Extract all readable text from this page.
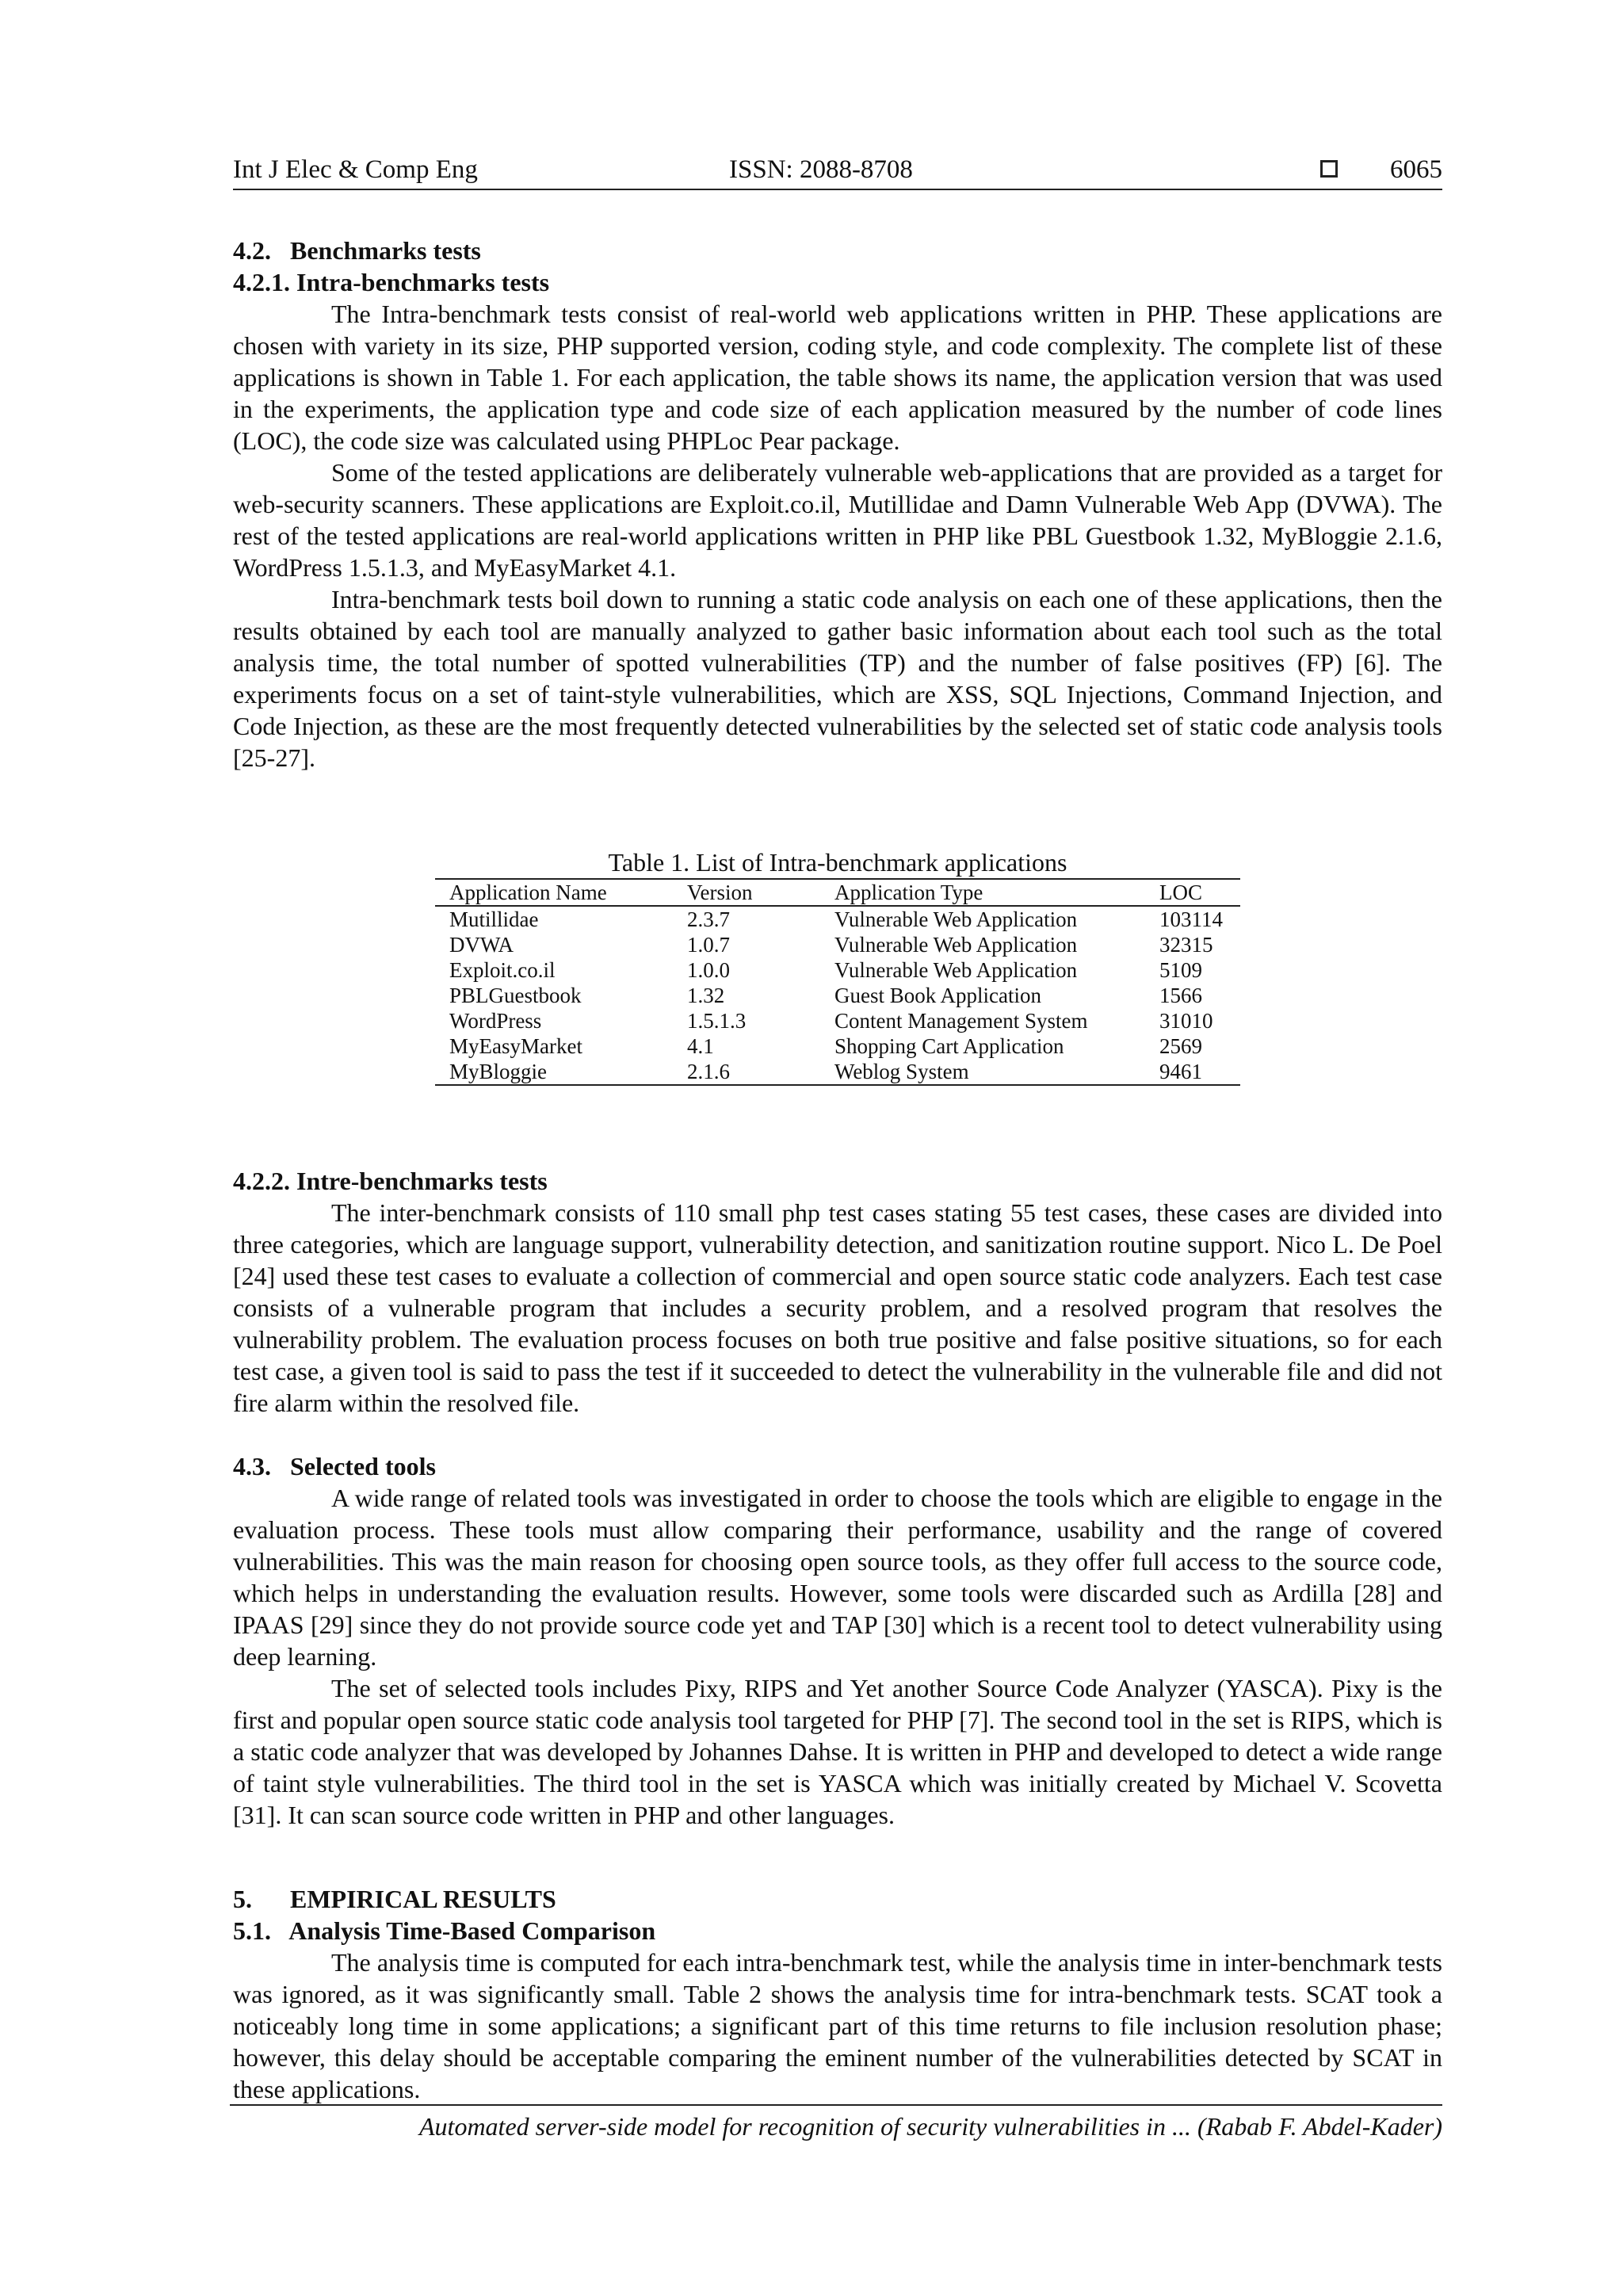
Int J Elec & Comp Eng	ISSN: 2088-8708	6065
4.2.   Benchmarks tests
4.2.1. Intra-benchmarks tests

The Intra-benchmark tests consist of real-world web applications written in PHP. These applications are chosen with variety in its size, PHP supported version, coding style, and code complexity. The complete list of these applications is shown in Table 1. For each application, the table shows its name, the application version that was used in the experiments, the application type and code size of each application measured by the number of code lines (LOC), the code size was calculated using PHPLoc Pear package.

Some of the tested applications are deliberately vulnerable web-applications that are provided as a target for web-security scanners. These applications are Exploit.co.il, Mutillidae and Damn Vulnerable Web App (DVWA). The rest of the tested applications are real-world applications written in PHP like PBL Guestbook 1.32, MyBloggie 2.1.6, WordPress 1.5.1.3, and MyEasyMarket 4.1.

Intra-benchmark tests boil down to running a static code analysis on each one of these applications, then the results obtained by each tool are manually analyzed to gather basic information about each tool such as the total analysis time, the total number of spotted vulnerabilities (TP) and the number of false positives (FP) [6]. The experiments focus on a set of taint-style vulnerabilities, which are XSS, SQL Injections, Command Injection, and Code Injection, as these are the most frequently detected vulnerabilities by the selected set of static code analysis tools [25-27].

Table 1. List of Intra-benchmark applications
Application Name	Version	Application Type	LOC
Mutillidae	2.3.7	Vulnerable Web Application	103114
DVWA	1.0.7	Vulnerable Web Application	32315
Exploit.co.il	1.0.0	Vulnerable Web Application	5109
PBLGuestbook	1.32	Guest Book Application	1566
WordPress	1.5.1.3	Content Management System	31010
MyEasyMarket	4.1	Shopping Cart Application	2569
MyBloggie	2.1.6	Weblog System	9461
4.2.2. Intre-benchmarks tests

The inter-benchmark consists of 110 small php test cases stating 55 test cases, these cases are divided into three categories, which are language support, vulnerability detection, and sanitization routine support. Nico L. De Poel [24] used these test cases to evaluate a collection of commercial and open source static code analyzers. Each test case consists of a vulnerable program that includes a security problem, and a resolved program that resolves the vulnerability problem. The evaluation process focuses on both true positive and false positive situations, so for each test case, a given tool is said to pass the test if it succeeded to detect the vulnerability in the vulnerable file and did not fire alarm within the resolved file.

4.3.   Selected tools

A wide range of related tools was investigated in order to choose the tools which are eligible to engage in the evaluation process. These tools must allow comparing their performance, usability and the range of covered vulnerabilities. This was the main reason for choosing open source tools, as they offer full access to the source code, which helps in understanding the evaluation results. However, some tools were discarded such as Ardilla [28] and IPAAS [29] since they do not provide source code yet and TAP [30] which is a recent tool to detect vulnerability using deep learning.

The set of selected tools includes Pixy, RIPS and Yet another Source Code Analyzer (YASCA). Pixy is the first and popular open source static code analysis tool targeted for PHP [7]. The second tool in the set is RIPS, which is a static code analyzer that was developed by Johannes Dahse. It is written in PHP and developed to detect a wide range of taint style vulnerabilities. The third tool in the set is YASCA which was initially created by Michael V. Scovetta [31]. It can scan source code written in PHP and other languages.

5.      EMPIRICAL RESULTS
5.1.   Analysis Time-Based Comparison

The analysis time is computed for each intra-benchmark test, while the analysis time in inter-benchmark tests was ignored, as it was significantly small. Table 2 shows the analysis time for intra-benchmark tests. SCAT took a noticeably long time in some applications; a significant part of this time returns to file inclusion resolution phase; however, this delay should be acceptable comparing the eminent number of the vulnerabilities detected by SCAT in these applications.

Automated server-side model for recognition of security vulnerabilities in ... (Rabab F. Abdel-Kader)
